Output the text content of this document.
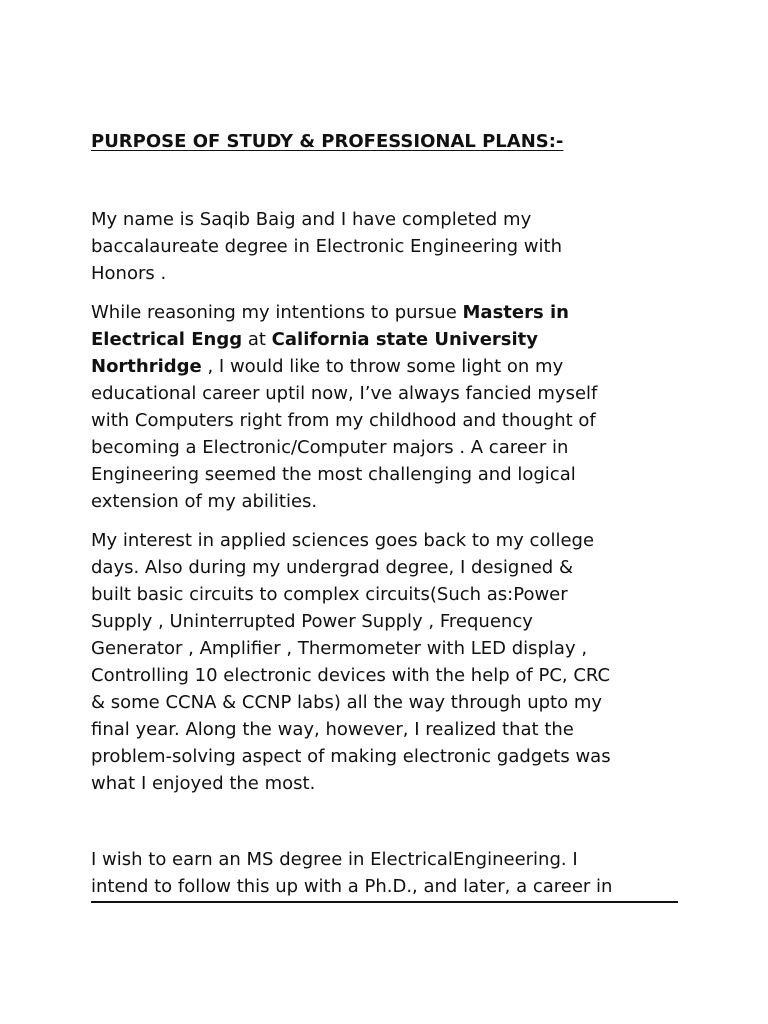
PURPOSE OF STUDY & PROFESSIONAL PLANS:-
My name is Saqib Baig and I have completed my
baccalaureate degree in Electronic Engineering with
Honors .
While reasoning my intentions to pursue Masters in
Electrical Engg at California state University
Northridge , I would like to throw some light on my
educational career uptil now, I’ve always fancied myself
with Computers right from my childhood and thought of
becoming a Electronic/Computer majors . A career in
Engineering seemed the most challenging and logical
extension of my abilities.
My interest in applied sciences goes back to my college
days. Also during my undergrad degree, I designed &
built basic circuits to complex circuits(Such as:Power
Supply , Uninterrupted Power Supply , Frequency
Generator , Amplifier , Thermometer with LED display ,
Controlling 10 electronic devices with the help of PC, CRC
& some CCNA & CCNP labs) all the way through upto my
final year. Along the way, however, I realized that the
problem-solving aspect of making electronic gadgets was
what I enjoyed the most.
I wish to earn an MS degree in ElectricalEngineering. I
intend to follow this up with a Ph.D., and later, a career in
